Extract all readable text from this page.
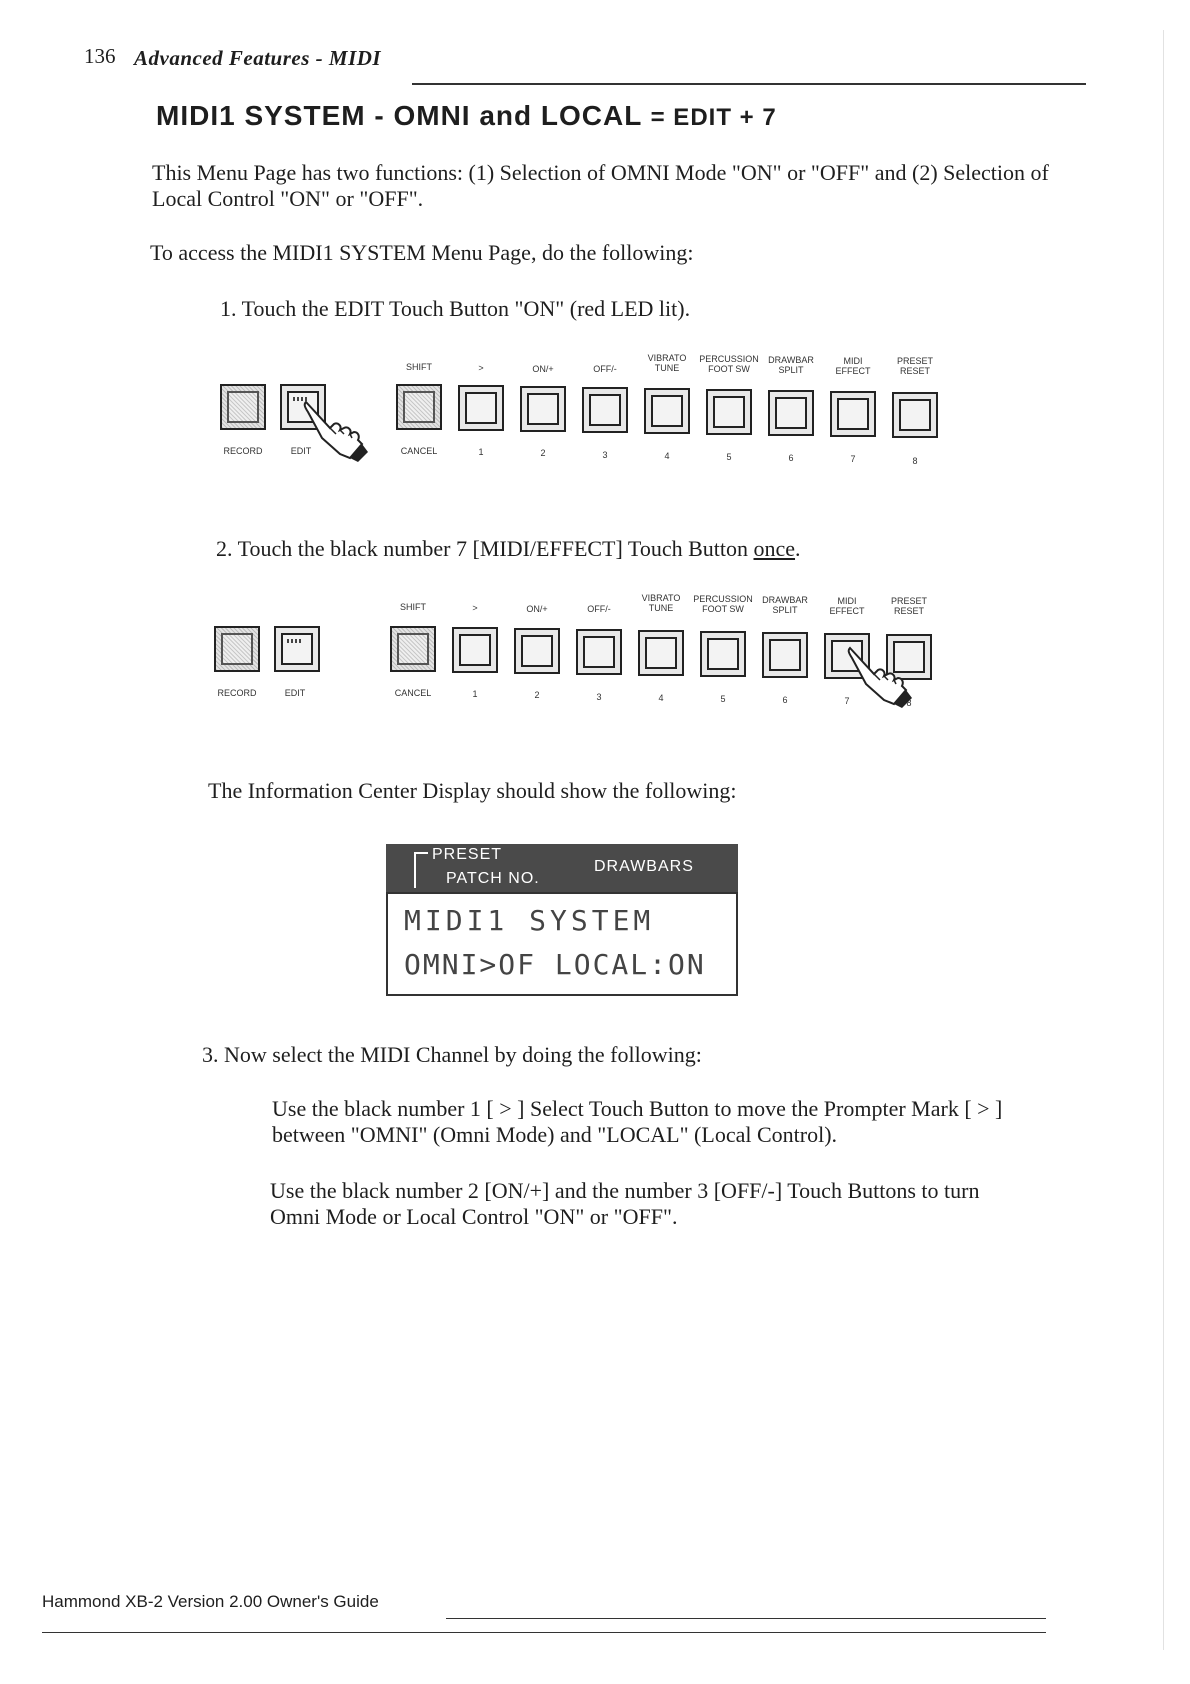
136 Advanced Features - MIDI
MIDI1 SYSTEM - OMNI and LOCAL = EDIT + 7
This Menu Page has two functions: (1) Selection of OMNI Mode "ON" or "OFF" and (2) Selection of Local Control "ON" or "OFF".
To access the MIDI1 SYSTEM Menu Page, do the following:
1. Touch the EDIT Touch Button "ON" (red LED lit).
RECORD	EDIT
SHIFT
CANCEL
>
1
ON/+
2
OFF/-
3
VIBRATO
TUNE
4
PERCUSSION
FOOT SW
5
DRAWBAR
SPLIT
6
MIDI
EFFECT
7
PRESET
RESET
8
2. Touch the black number 7 [MIDI/EFFECT] Touch Button once.
RECORD	EDIT
SHIFT
CANCEL
>
1
ON/+
2
OFF/-
3
VIBRATO
TUNE
4
PERCUSSION
FOOT SW
5
DRAWBAR
SPLIT
6
MIDI
EFFECT
7
PRESET
RESET
8
The Information Center Display should show the following:
PRESET
PATCH NO.
DRAWBARS
MIDI1 SYSTEM
OMNI>OF LOCAL:ON
3. Now select the MIDI Channel by doing the following:
Use the black number 1 [ > ] Select Touch Button to move the Prompter Mark [ > ] between "OMNI" (Omni Mode) and "LOCAL" (Local Control).
Use the black number 2 [ON/+] and the number 3 [OFF/-] Touch Buttons to turn Omni Mode or Local Control "ON" or "OFF".
Hammond XB-2 Version 2.00 Owner's Guide
